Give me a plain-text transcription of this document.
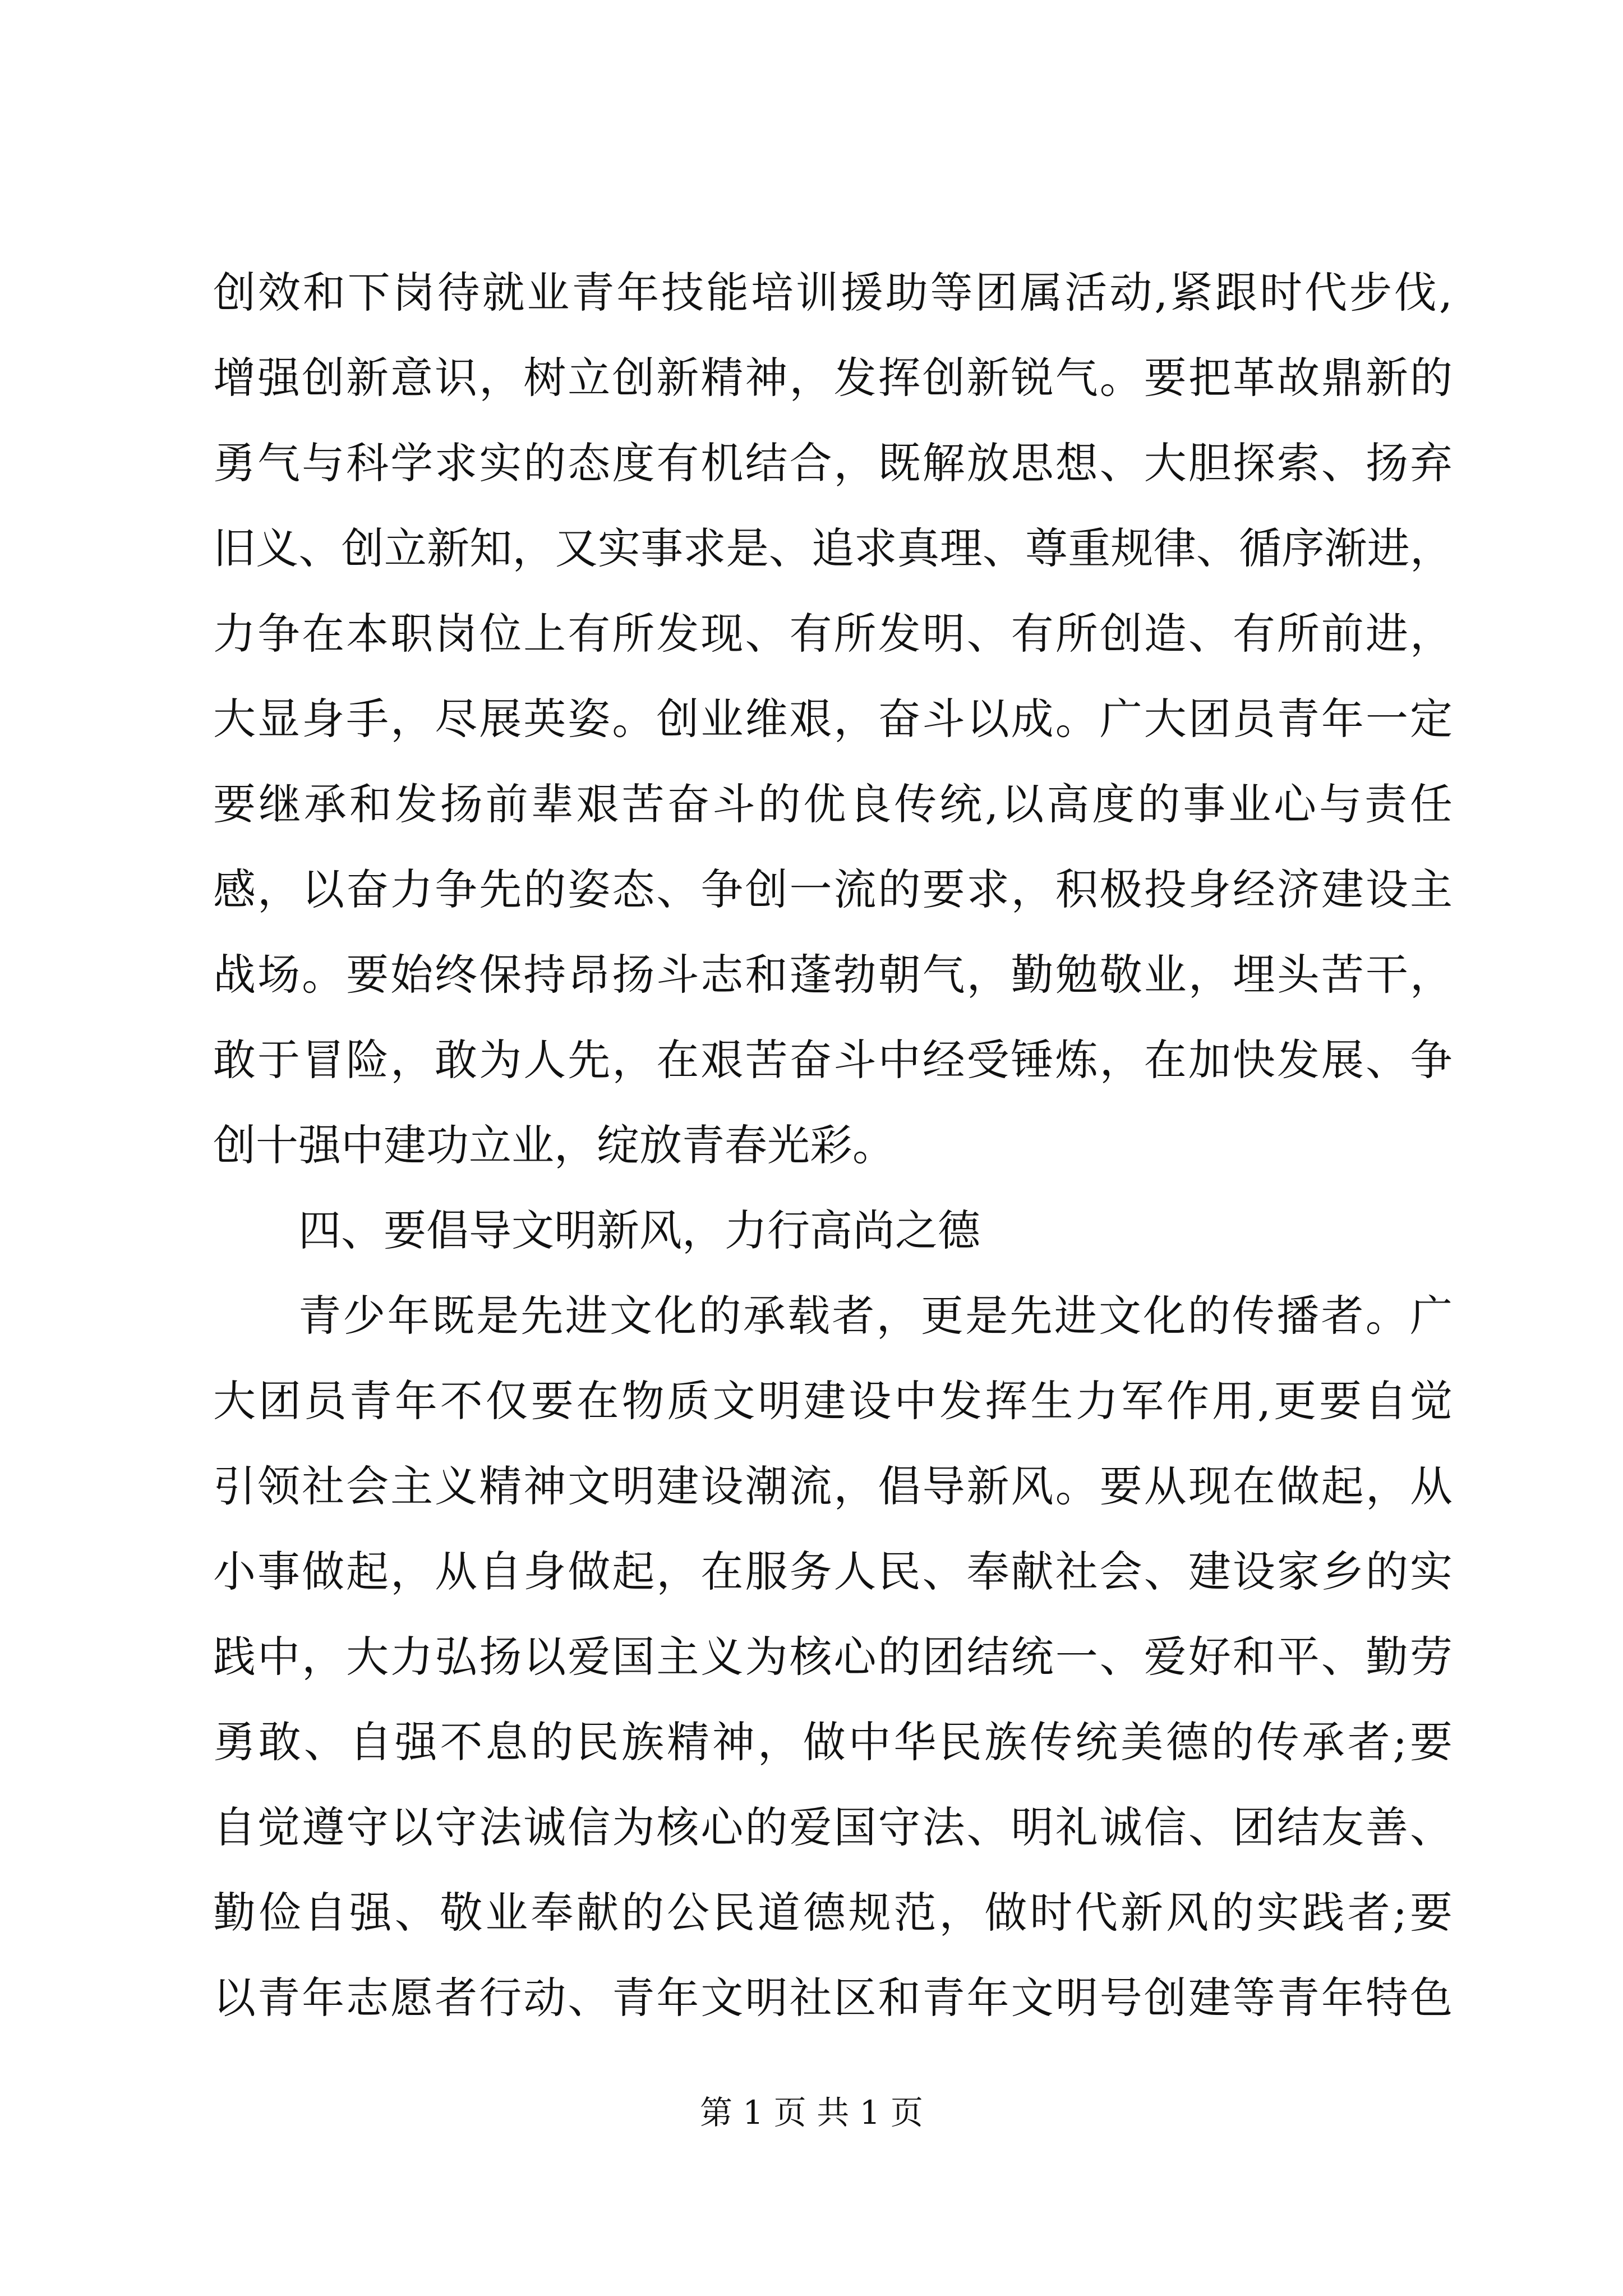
创效和下岗待就业青年技能培训援助等团属活动,紧跟时代步伐,
增强创新意识，树立创新精神，发挥创新锐气。要把革故鼎新的
勇气与科学求实的态度有机结合，既解放思想、大胆探索、扬弃
旧义、创立新知，又实事求是、追求真理、尊重规律、循序渐进，
力争在本职岗位上有所发现、有所发明、有所创造、有所前进，
大显身手，尽展英姿。创业维艰，奋斗以成。广大团员青年一定
要继承和发扬前辈艰苦奋斗的优良传统,以高度的事业心与责任
感，以奋力争先的姿态、争创一流的要求，积极投身经济建设主
战场。要始终保持昂扬斗志和蓬勃朝气，勤勉敬业，埋头苦干，
敢于冒险，敢为人先，在艰苦奋斗中经受锤炼，在加快发展、争
创十强中建功立业，绽放青春光彩。
四、要倡导文明新风，力行高尚之德
青少年既是先进文化的承载者，更是先进文化的传播者。广
大团员青年不仅要在物质文明建设中发挥生力军作用,更要自觉
引领社会主义精神文明建设潮流，倡导新风。要从现在做起，从
小事做起，从自身做起，在服务人民、奉献社会、建设家乡的实
践中，大力弘扬以爱国主义为核心的团结统一、爱好和平、勤劳
勇敢、自强不息的民族精神，做中华民族传统美德的传承者;要
自觉遵守以守法诚信为核心的爱国守法、明礼诚信、团结友善、
勤俭自强、敬业奉献的公民道德规范，做时代新风的实践者;要
以青年志愿者行动、青年文明社区和青年文明号创建等青年特色
第 1 页 共 1 页
